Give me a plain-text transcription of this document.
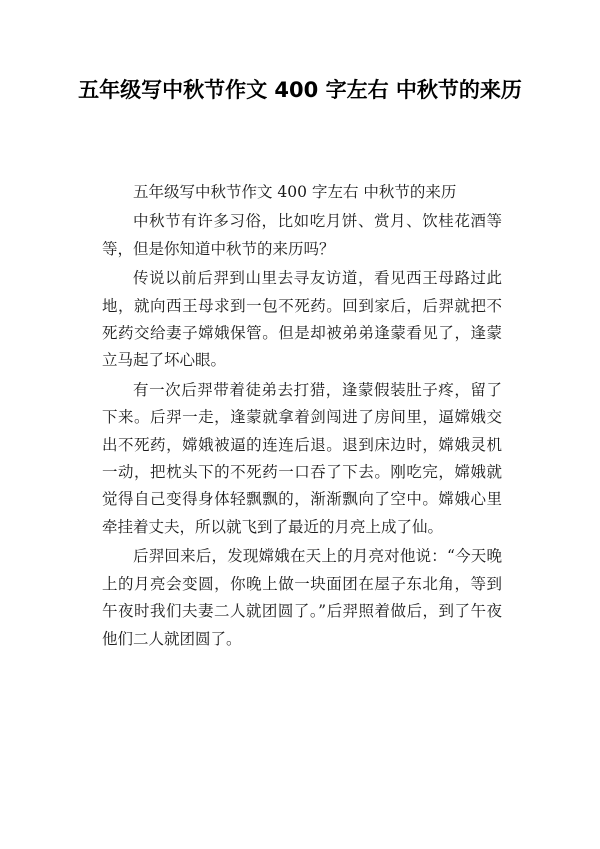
五年级写中秋节作文 400 字左右 中秋节的来历

五年级写中秋节作文 400 字左右 中秋节的来历

中秋节有许多习俗，比如吃月饼、赏月、饮桂花酒等等，但是你知道中秋节的来历吗？

传说以前后羿到山里去寻友访道，看见西王母路过此地，就向西王母求到一包不死药。回到家后，后羿就把不死药交给妻子嫦娥保管。但是却被弟弟逢蒙看见了，逢蒙立马起了坏心眼。

有一次后羿带着徒弟去打猎，逢蒙假装肚子疼，留了下来。后羿一走，逢蒙就拿着剑闯进了房间里，逼嫦娥交出不死药，嫦娥被逼的连连后退。退到床边时，嫦娥灵机一动，把枕头下的不死药一口吞了下去。刚吃完，嫦娥就觉得自己变得身体轻飘飘的，渐渐飘向了空中。嫦娥心里牵挂着丈夫，所以就飞到了最近的月亮上成了仙。

后羿回来后，发现嫦娥在天上的月亮对他说：“今天晚上的月亮会变圆，你晚上做一块面团在屋子东北角，等到午夜时我们夫妻二人就团圆了。”后羿照着做后，到了午夜他们二人就团圆了。
